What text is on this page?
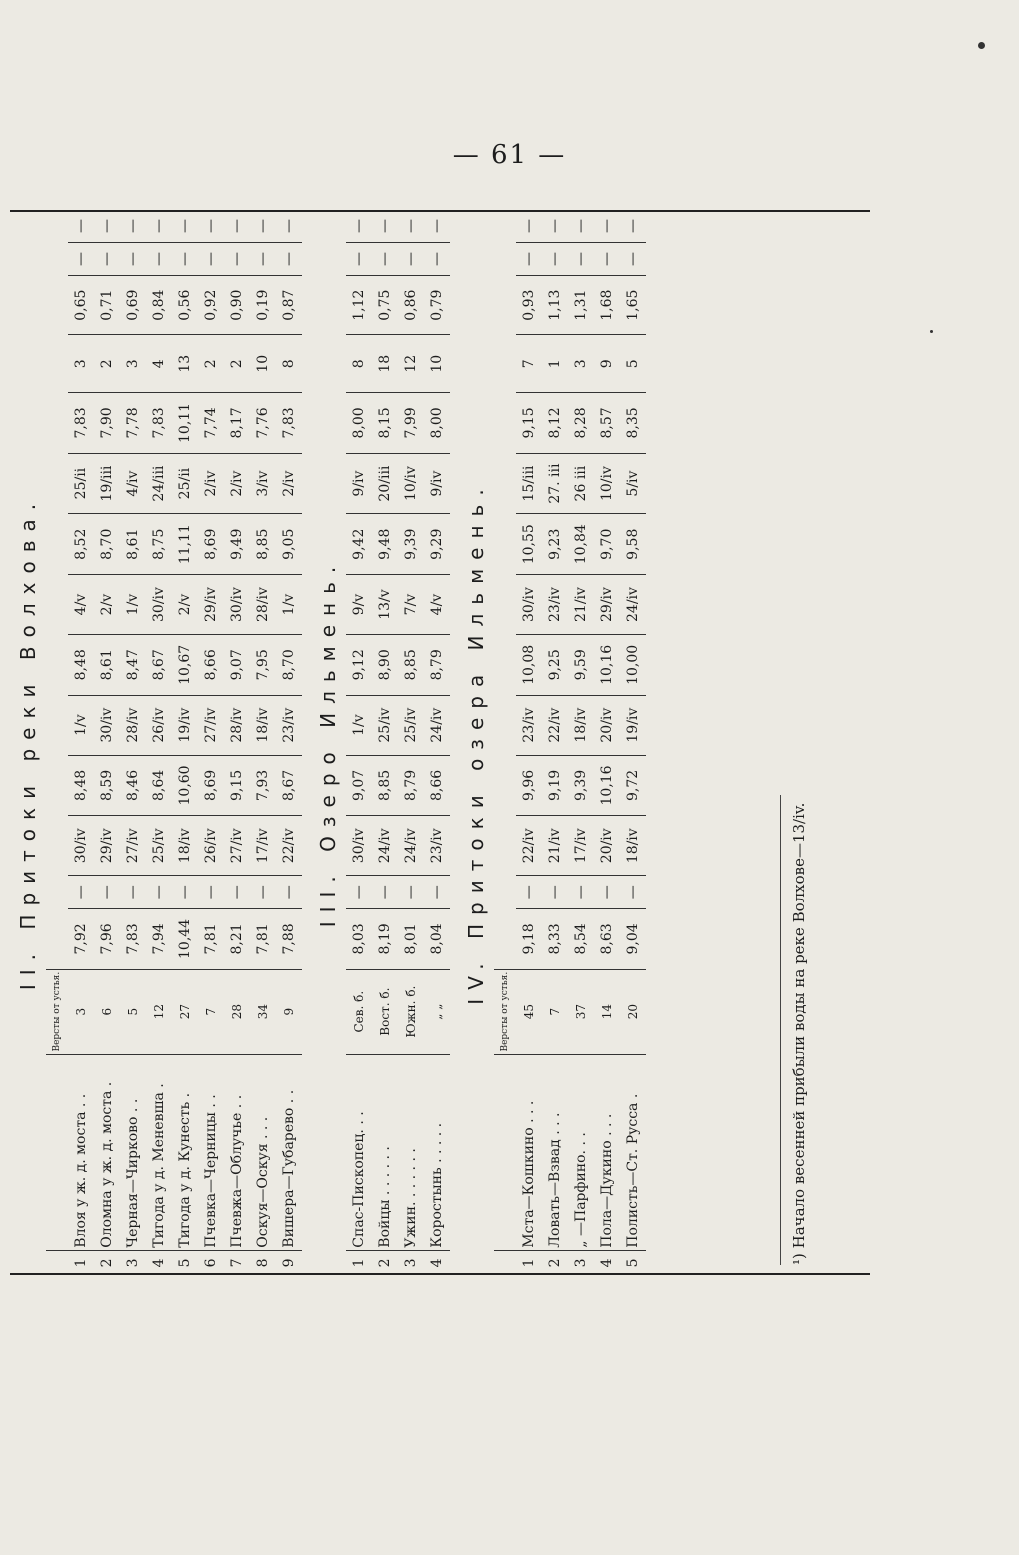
— 61 —
II. Притоки реки Волхова.																
		Версты от устья.														
1	Влоя у ж. д. моста . .	3	7,92	—	30/iv	8,48	1/v	8,48	4/v	8,52	25/ii	7,83	3	0,65	—	—
2	Оломна у ж. д. моста .	6	7,96	—	29/iv	8,59	30/iv	8,61	2/v	8,70	19/iii	7,90	2	0,71	—	—
3	Черная—Чирково . .	5	7,83	—	27/iv	8,46	28/iv	8,47	1/v	8,61	4/iv	7,78	3	0,69	—	—
4	Тигода у д. Меневша .	12	7,94	—	25/iv	8,64	26/iv	8,67	30/iv	8,75	24/iii	7,83	4	0,84	—	—
5	Тигода у д. Кунесть .	27	10,44	—	18/iv	10,60	19/iv	10,67	2/v	11,11	25/ii	10,11	13	0,56	—	—
6	Пчевка—Черницы . .	7	7,81	—	26/iv	8,69	27/iv	8,66	29/iv	8,69	2/iv	7,74	2	0,92	—	—
7	Пчевжа—Облучье . .	28	8,21	—	27/iv	9,15	28/iv	9,07	30/iv	9,49	2/iv	8,17	2	0,90	—	—
8	Оскуя—Оскуя . . .	34	7,81	—	17/iv	7,93	18/iv	7,95	28/iv	8,85	3/iv	7,76	10	0,19	—	—
9	Вишера—Губарево . .	9	7,88	—	22/iv	8,67	23/iv	8,70	1/v	9,05	2/iv	7,83	8	0,87	—	—

III. Озеро Ильмень.																
1	Спас-Пископец. . .	Сев. б.	8,03	—	30/iv	9,07	1/v	9,12	9/v	9,42	9/iv	8,00	8	1,12	—	—
2	Войцы . . . . . .	Вост. б.	8,19	—	24/iv	8,85	25/iv	8,90	13/v	9,48	20/iii	8,15	18	0,75	—	—
3	Ужин. . . . . . .	Южн. б.	8,01	—	24/iv	8,79	25/iv	8,85	7/v	9,39	10/iv	7,99	12	0,86	—	—
4	Коростынь . . . . .	„ „	8,04	—	23/iv	8,66	24/iv	8,79	4/v	9,29	9/iv	8,00	10	0,79	—	—

IV. Притоки озера Ильмень.																
		Версты от устья.														
1	Мста—Кошкино . . .	45	9,18	—	22/iv	9,96	23/iv	10,08	30/iv	10,55	15/iii	9,15	7	0,93	—	—
2	Ловать—Взвад . . .	7	8,33	—	21/iv	9,19	22/iv	9,25	23/iv	9,23	27. iii	8,12	1	1,13	—	—
3	„ —Парфино. . .	37	8,54	—	17/iv	9,39	18/iv	9,59	21/iv	10,84	26 iii	8,28	3	1,31	—	—
4	Пола—Дукино . . .	14	8,63	—	20/iv	10,16	20/iv	10,16	29/iv	9,70	10/iv	8,57	9	1,68	—	—
5	Полисть—Ст. Русса .	20	9,04	—	18/iv	9,72	19/iv	10,00	24/iv	9,58	5/iv	8,35	5	1,65	—	—

¹) Начало весенней прибыли воды на реке Волхове—13/iv.
